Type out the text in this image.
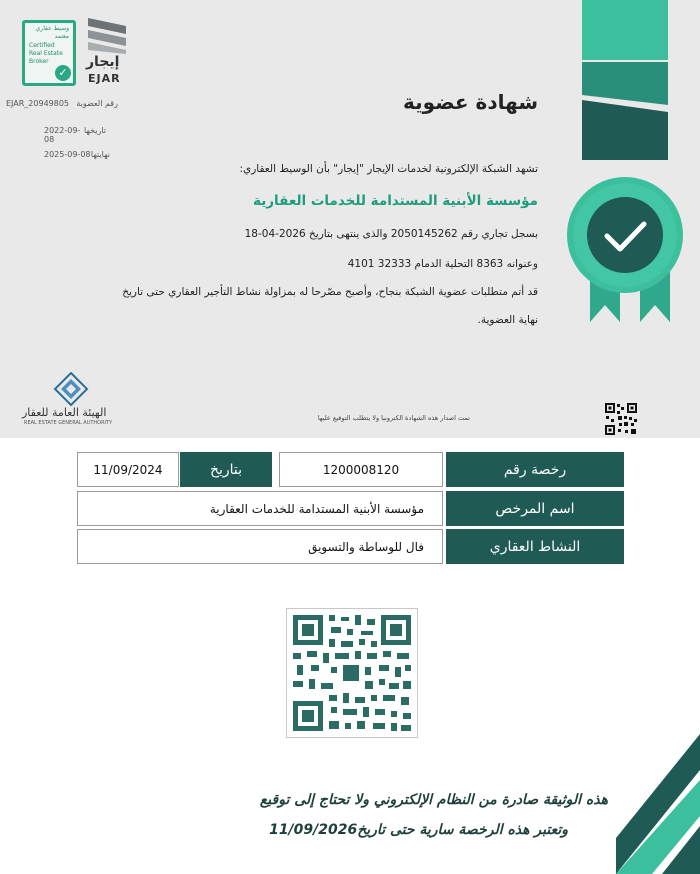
وسيط عقاري
معتمد
Certified
Real Estate
Broker
✓
إيجار
EJAR
EJAR_20949805 رقم العضوية
2022-09-08
تاريخها
2025-09-08 نهايتها
شهادة عضوية
تشهد الشبكة الإلكترونية لخدمات الإيجار "إيجار" بأن الوسيط العقاري:
مؤسسة الأبنية المستدامة للخدمات العقارية
بسجل تجاري رقم 2050145262 والذى ينتهى بتاريخ 2026-04-18
وعنوانه 8363 التحلية الدمام 32333 4101
قد أتم متطلبات عضوية الشبكة بنجاح، وأصبح مصّرحا له بمزاولة نشاط التأجير العقاري حتى تاريخ
نهاية العضوية.
الهيئة العامة للعقار
REAL ESTATE GENERAL AUTHORITY
تمت اصدار هذه الشهادة الكترونيا ولا يتطلب التوقيع عليها
رخصة رقم
1200008120
بتاريخ
11/09/2024
اسم المرخص
مؤسسة الأبنية المستدامة للخدمات العقارية
النشاط العقاري
فال للوساطة والتسويق
هذه الوثيقة صادرة من النظام الإلكتروني ولا تحتاج إلى توقيع
وتعتبر هذه الرخصة سارية حتى تاريخ11/09/2026
